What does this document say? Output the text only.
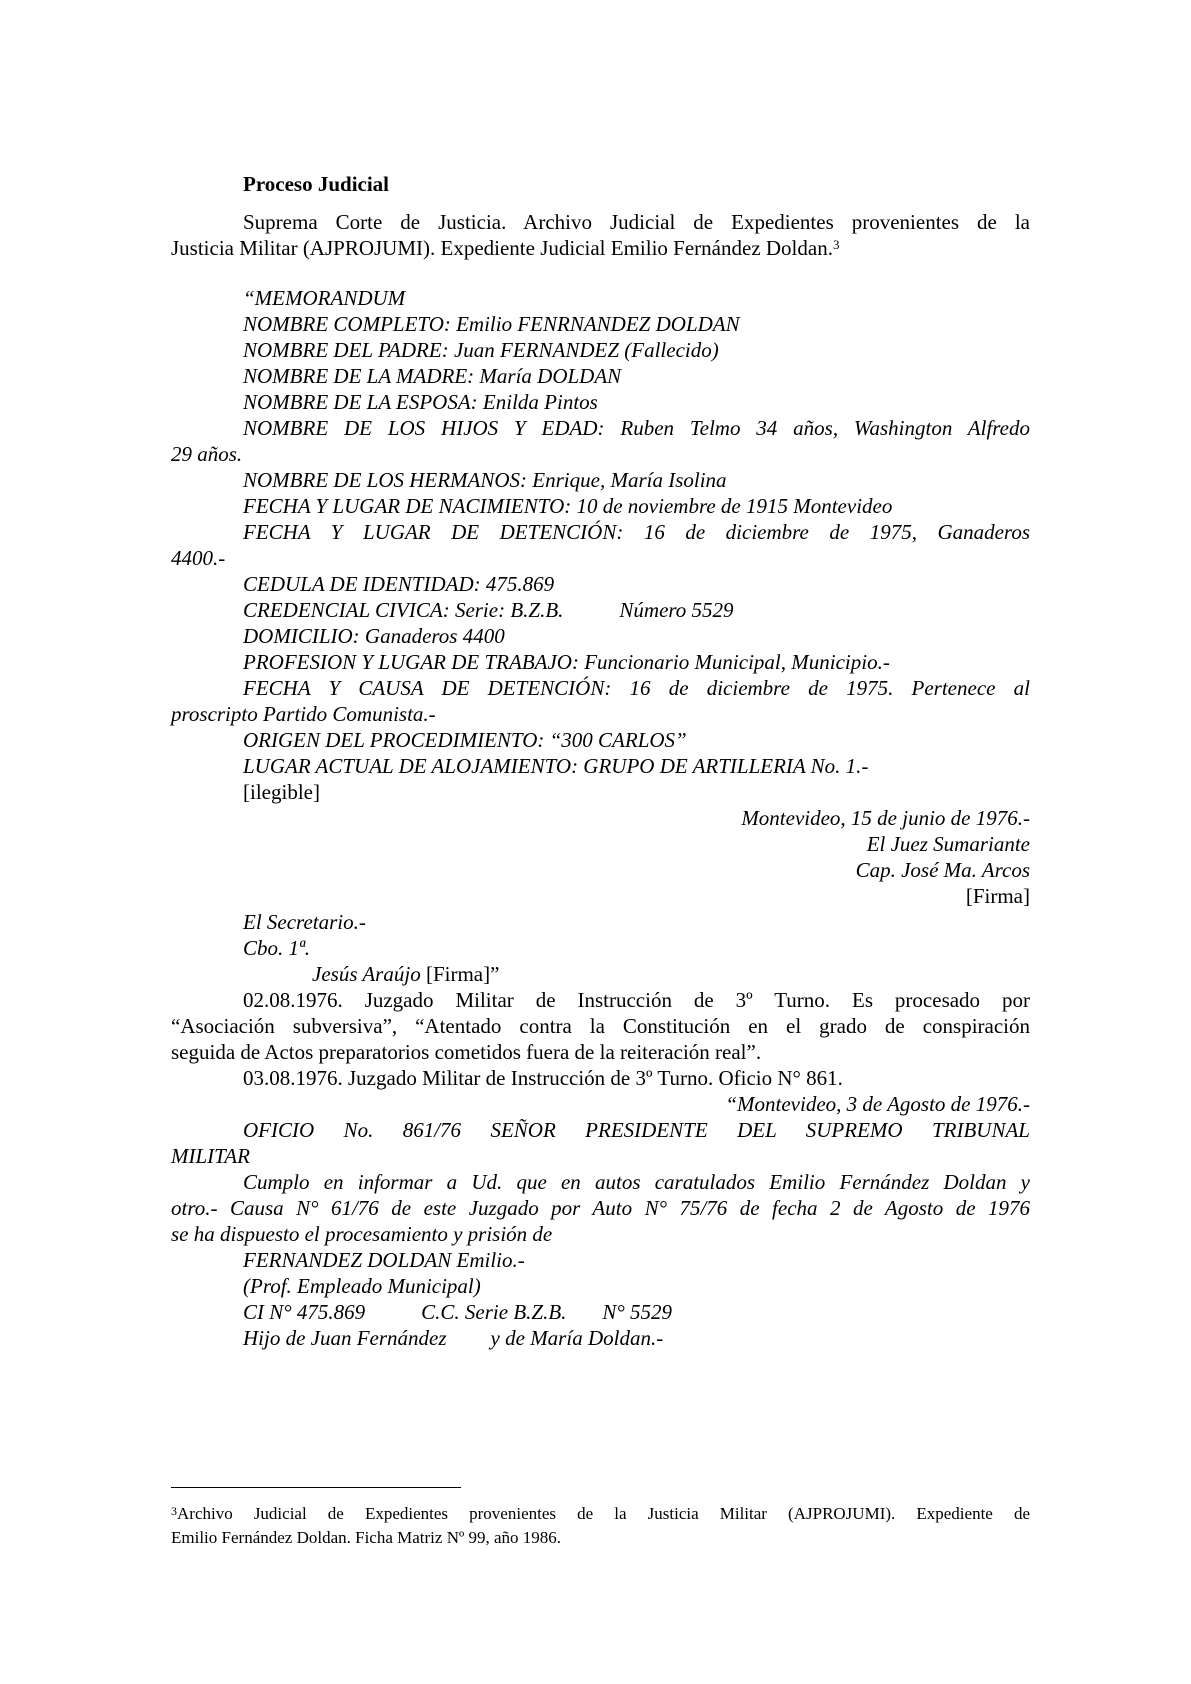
Proceso Judicial
Suprema Corte de Justicia. Archivo Judicial de Expedientes provenientes de la
Justicia Militar (AJPROJUMI). Expediente Judicial Emilio Fernández Doldan.$^3$
“MEMORANDUM
NOMBRE COMPLETO: Emilio FENRNANDEZ DOLDAN
NOMBRE DEL PADRE: Juan FERNANDEZ (Fallecido)
NOMBRE DE LA MADRE: María DOLDAN
NOMBRE DE LA ESPOSA: Enilda Pintos
NOMBRE DE LOS HIJOS Y EDAD: Ruben Telmo 34 años, Washington Alfredo
29 años.
NOMBRE DE LOS HERMANOS: Enrique, María Isolina
FECHA Y LUGAR DE NACIMIENTO: 10 de noviembre de 1915 Montevideo
FECHA Y LUGAR DE DETENCIÓN: 16 de diciembre de 1975, Ganaderos
4400.-
CEDULA DE IDENTIDAD: 475.869
CREDENCIAL CIVICA: Serie: B.Z.B.	Número 5529
DOMICILIO: Ganaderos 4400
PROFESION Y LUGAR DE TRABAJO: Funcionario Municipal, Municipio.-
FECHA Y CAUSA DE DETENCIÓN: 16 de diciembre de 1975. Pertenece al
proscripto Partido Comunista.-
ORIGEN DEL PROCEDIMIENTO: “300 CARLOS”
LUGAR ACTUAL DE ALOJAMIENTO: GRUPO DE ARTILLERIA No. 1.-
[ilegible]
Montevideo, 15 de junio de 1976.-
El Juez Sumariante
Cap. José Ma. Arcos
[Firma]
El Secretario.-
Cbo. 1ª.
Jesús Araújo [Firma]”
02.08.1976. Juzgado Militar de Instrucción de 3º Turno. Es procesado por
“Asociación subversiva”, “Atentado contra la Constitución en el grado de conspiración
seguida de Actos preparatorios cometidos fuera de la reiteración real”.
03.08.1976. Juzgado Militar de Instrucción de 3º Turno. Oficio N° 861.
“Montevideo, 3 de Agosto de 1976.-
OFICIO No. 861/76 SEÑOR PRESIDENTE DEL SUPREMO TRIBUNAL
MILITAR
Cumplo en informar a Ud. que en autos caratulados Emilio Fernández Doldan y
otro.- Causa N° 61/76 de este Juzgado por Auto N° 75/76 de fecha 2 de Agosto de 1976
se ha dispuesto el procesamiento y prisión de
FERNANDEZ DOLDAN Emilio.-
(Prof. Empleado Municipal)
CI N° 475.869	C.C. Serie B.Z.B. N° 5529
Hijo de Juan Fernández y de María Doldan.-
$^3$Archivo Judicial de Expedientes provenientes de la Justicia Militar (AJPROJUMI). Expediente de
Emilio Fernández Doldan. Ficha Matriz Nº 99, año 1986.
